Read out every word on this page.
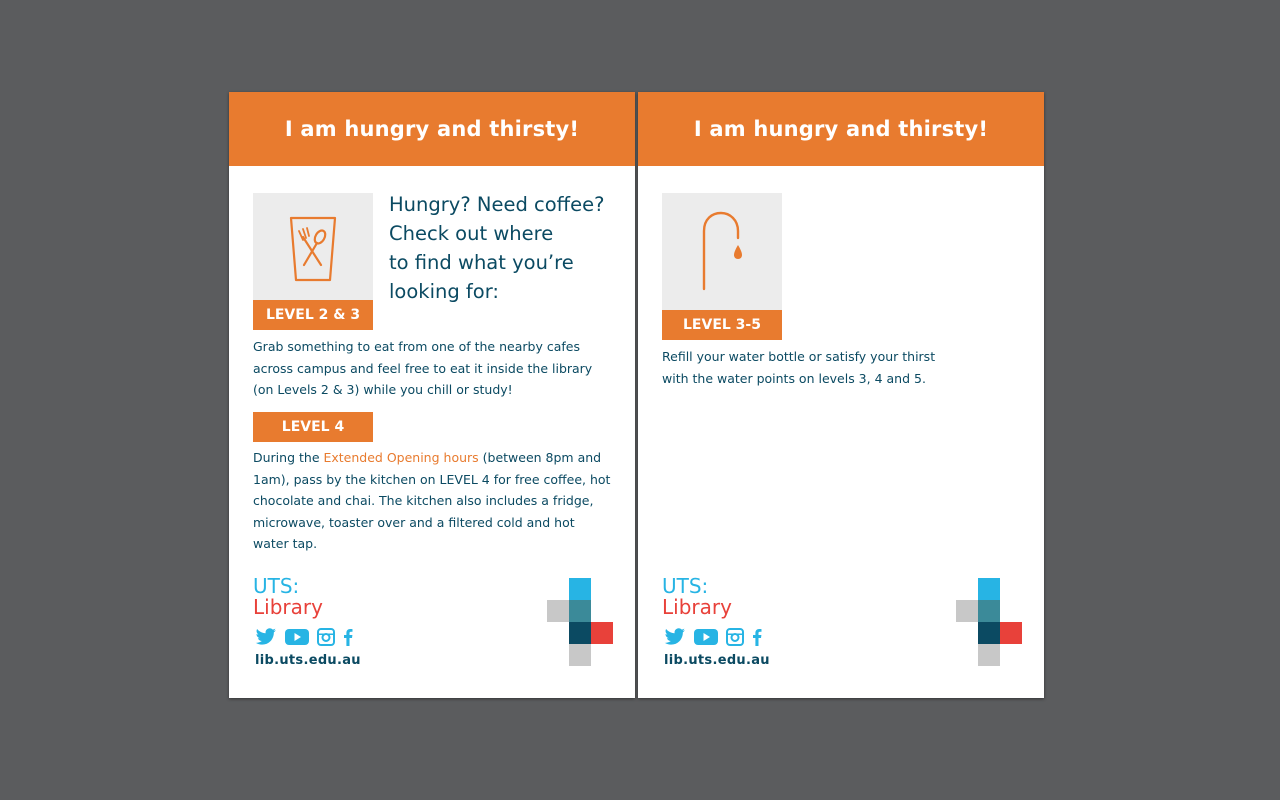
I am hungry and thirsty!
LEVEL 2 & 3
Hungry? Need coffee?
Check out where
to find what you’re
looking for:
Grab something to eat from one of the nearby cafes
across campus and feel free to eat it inside the library
(on Levels 2 & 3) while you chill or study!
LEVEL 4
During the Extended Opening hours (between 8pm and
1am), pass by the kitchen on LEVEL 4 for free coffee, hot
chocolate and chai. The kitchen also includes a fridge,
microwave, toaster over and a filtered cold and hot
water tap.
UTS:
Library
lib.uts.edu.au
I am hungry and thirsty!
LEVEL 3-5
Refill your water bottle or satisfy your thirst
with the water points on levels 3, 4 and 5.
UTS:
Library
lib.uts.edu.au
